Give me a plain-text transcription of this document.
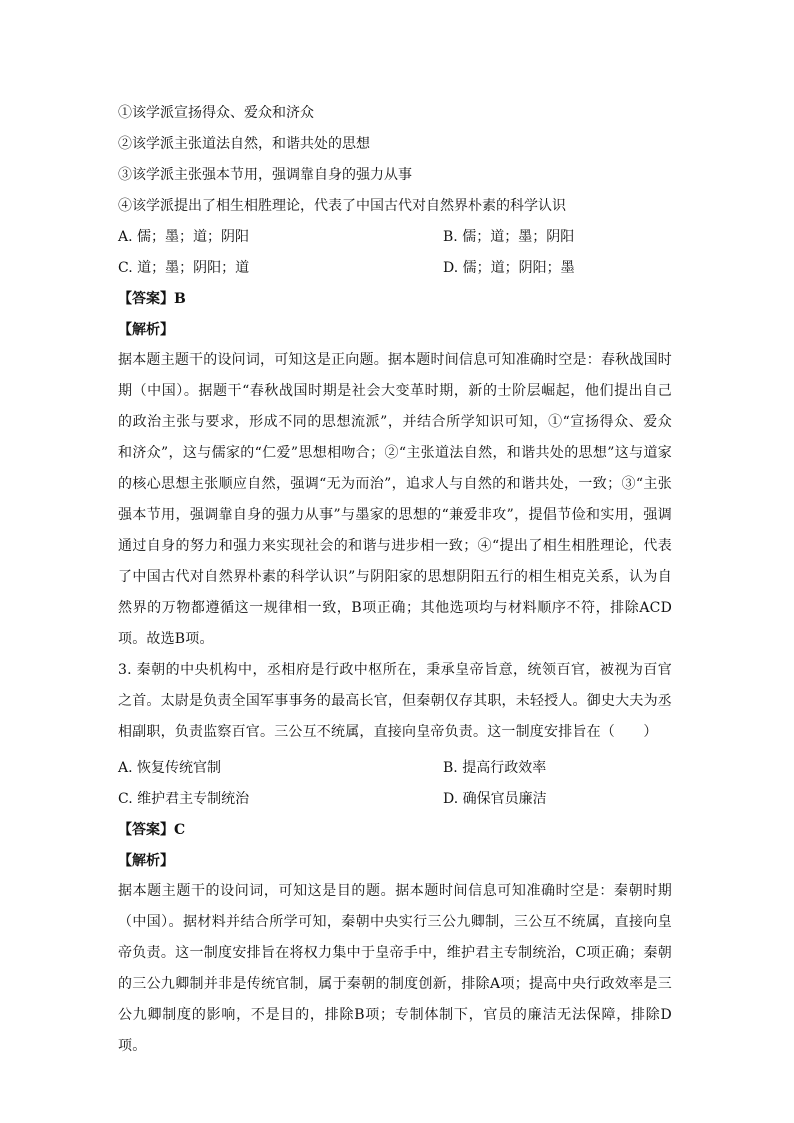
①该学派宣扬得众、爱众和济众
②该学派主张道法自然，和谐共处的思想
③该学派主张强本节用，强调靠自身的强力从事
④该学派提出了相生相胜理论，代表了中国古代对自然界朴素的科学认识
A. 儒；墨；道；阴阳	B. 儒；道；墨；阴阳
C. 道；墨；阴阳；道	D. 儒；道；阴阳；墨
【答案】B
【解析】
据本题主题干的设问词，可知这是正向题。据本题时间信息可知准确时空是：春秋战国时期（中国）。据题干“春秋战国时期是社会大变革时期，新的士阶层崛起，他们提出自己的政治主张与要求，形成不同的思想流派”，并结合所学知识可知，①“宣扬得众、爱众和济众”，这与儒家的“仁爱”思想相吻合；②“主张道法自然，和谐共处的思想”这与道家的核心思想主张顺应自然，强调“无为而治”，追求人与自然的和谐共处，一致；③“主张强本节用，强调靠自身的强力从事”与墨家的思想的“兼爱非攻”，提倡节俭和实用，强调通过自身的努力和强力来实现社会的和谐与进步相一致；④“提出了相生相胜理论，代表了中国古代对自然界朴素的科学认识”与阴阳家的思想阴阳五行的相生相克关系，认为自然界的万物都遵循这一规律相一致，B项正确；其他选项均与材料顺序不符，排除ACD项。故选B项。
3. 秦朝的中央机构中，丞相府是行政中枢所在，秉承皇帝旨意，统领百官，被视为百官之首。太尉是负责全国军事事务的最高长官，但秦朝仅存其职，未轻授人。御史大夫为丞相副职，负责监察百官。三公互不统属，直接向皇帝负责。这一制度安排旨在（　　）
A. 恢复传统官制	B. 提高行政效率
C. 维护君主专制统治	D. 确保官员廉洁
【答案】C
【解析】
据本题主题干的设问词，可知这是目的题。据本题时间信息可知准确时空是：秦朝时期（中国）。据材料并结合所学可知，秦朝中央实行三公九卿制，三公互不统属，直接向皇帝负责。这一制度安排旨在将权力集中于皇帝手中，维护君主专制统治，C项正确；秦朝的三公九卿制并非是传统官制，属于秦朝的制度创新，排除A项；提高中央行政效率是三公九卿制度的影响，不是目的，排除B项；专制体制下，官员的廉洁无法保障，排除D项。
